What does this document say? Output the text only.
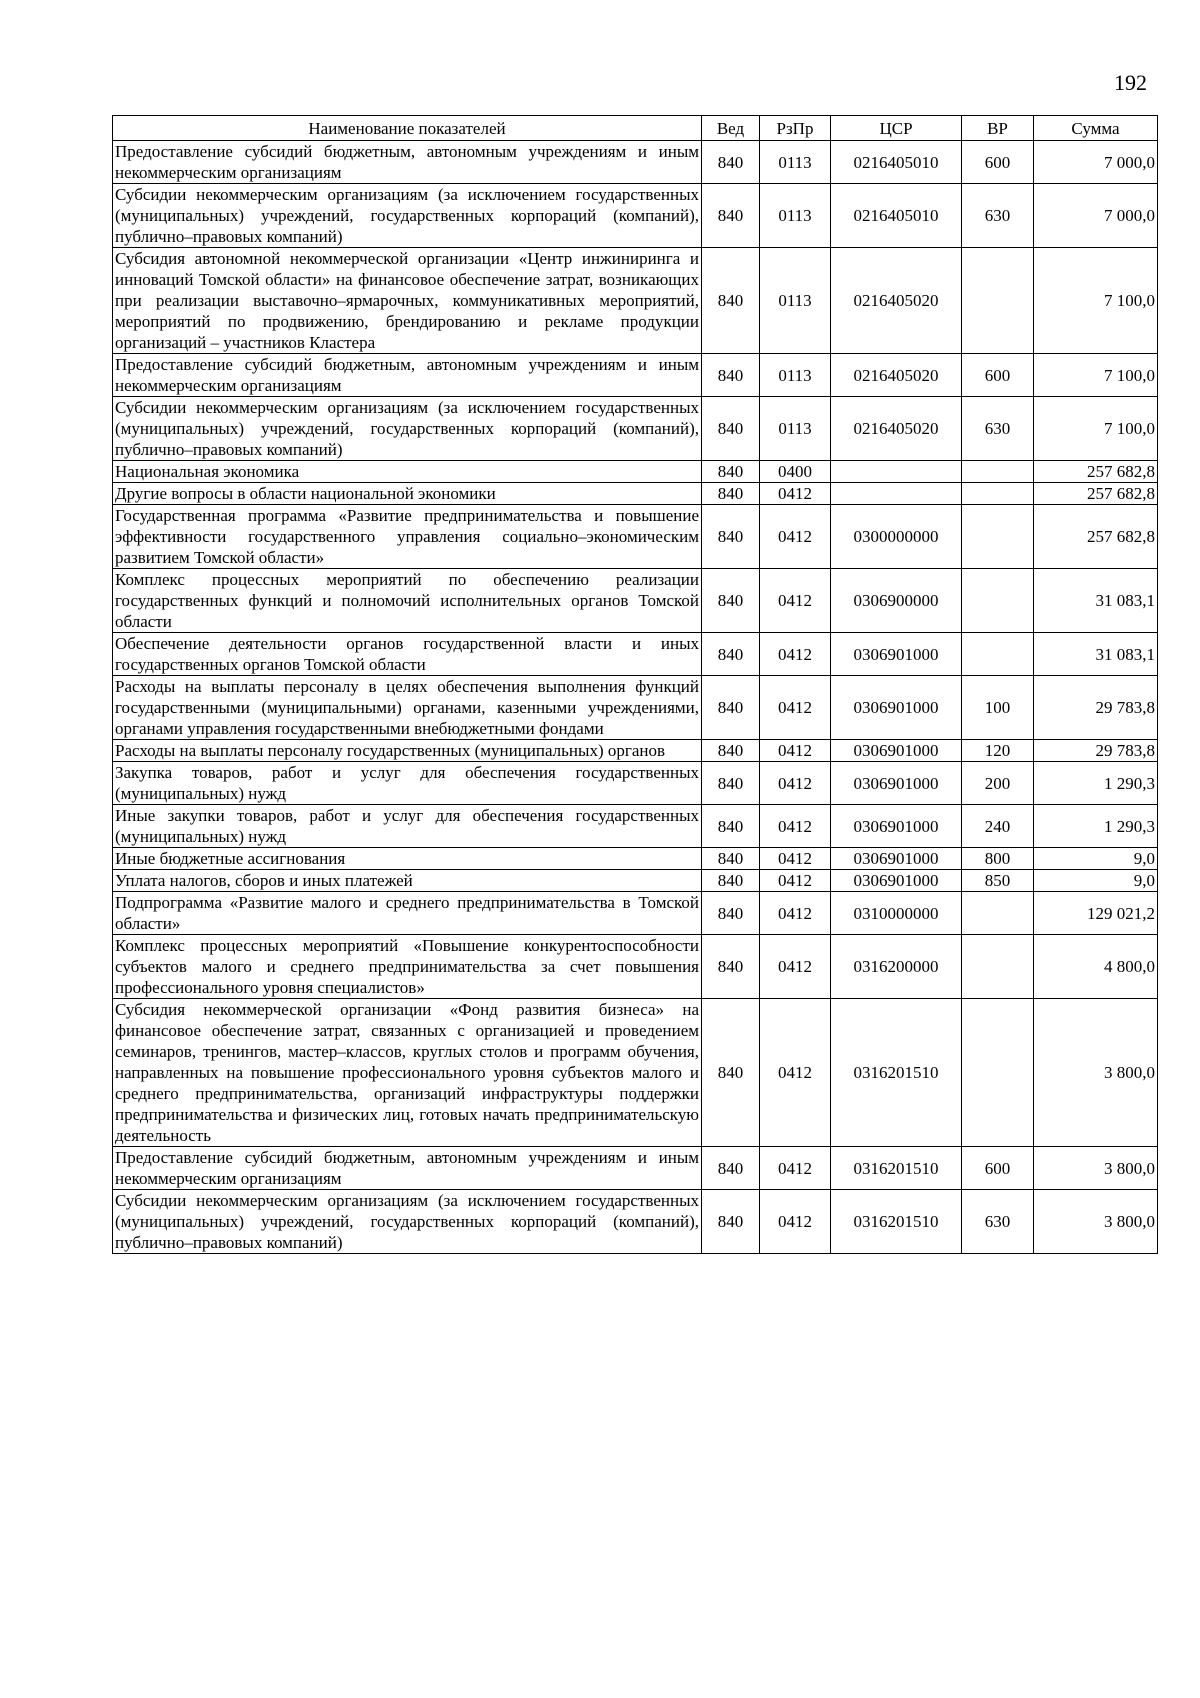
192
Наименование показателей	Вед	РзПр	ЦСР	ВР	Сумма
Предоставление субсидий бюджетным, автономным учреждениям и иным некоммерческим организациям	840	0113	0216405010	600	7 000,0
Субсидии некоммерческим организациям (за исключением государственных (муниципальных) учреждений, государственных корпораций (компаний), публично–правовых компаний)	840	0113	0216405010	630	7 000,0
Субсидия автономной некоммерческой организации «Центр инжиниринга и инноваций Томской области» на финансовое обеспечение затрат, возникающих при реализации выставочно–ярмарочных, коммуникативных мероприятий, мероприятий по продвижению, брендированию и рекламе продукции организаций – участников Кластера	840	0113	0216405020		7 100,0
Предоставление субсидий бюджетным, автономным учреждениям и иным некоммерческим организациям	840	0113	0216405020	600	7 100,0
Субсидии некоммерческим организациям (за исключением государственных (муниципальных) учреждений, государственных корпораций (компаний), публично–правовых компаний)	840	0113	0216405020	630	7 100,0
Национальная экономика	840	0400			257 682,8
Другие вопросы в области национальной экономики	840	0412			257 682,8
Государственная программа «Развитие предпринимательства и повышение эффективности государственного управления социально–экономическим развитием Томской области»	840	0412	0300000000		257 682,8
Комплекс процессных мероприятий по обеспечению реализации государственных функций и полномочий исполнительных органов Томской области	840	0412	0306900000		31 083,1
Обеспечение деятельности органов государственной власти и иных государственных органов Томской области	840	0412	0306901000		31 083,1
Расходы на выплаты персоналу в целях обеспечения выполнения функций государственными (муниципальными) органами, казенными учреждениями, органами управления государственными внебюджетными фондами	840	0412	0306901000	100	29 783,8
Расходы на выплаты персоналу государственных (муниципальных) органов	840	0412	0306901000	120	29 783,8
Закупка товаров, работ и услуг для обеспечения государственных (муниципальных) нужд	840	0412	0306901000	200	1 290,3
Иные закупки товаров, работ и услуг для обеспечения государственных (муниципальных) нужд	840	0412	0306901000	240	1 290,3
Иные бюджетные ассигнования	840	0412	0306901000	800	9,0
Уплата налогов, сборов и иных платежей	840	0412	0306901000	850	9,0
Подпрограмма «Развитие малого и среднего предпринимательства в Томской области»	840	0412	0310000000		129 021,2
Комплекс процессных мероприятий «Повышение конкурентоспособности субъектов малого и среднего предпринимательства за счет повышения профессионального уровня специалистов»	840	0412	0316200000		4 800,0
Субсидия некоммерческой организации «Фонд развития бизнеса» на финансовое обеспечение затрат, связанных с организацией и проведением семинаров, тренингов, мастер–классов, круглых столов и программ обучения, направленных на повышение профессионального уровня субъектов малого и среднего предпринимательства, организаций инфраструктуры поддержки предпринимательства и физических лиц, готовых начать предпринимательскую деятельность	840	0412	0316201510		3 800,0
Предоставление субсидий бюджетным, автономным учреждениям и иным некоммерческим организациям	840	0412	0316201510	600	3 800,0
Субсидии некоммерческим организациям (за исключением государственных (муниципальных) учреждений, государственных корпораций (компаний), публично–правовых компаний)	840	0412	0316201510	630	3 800,0
